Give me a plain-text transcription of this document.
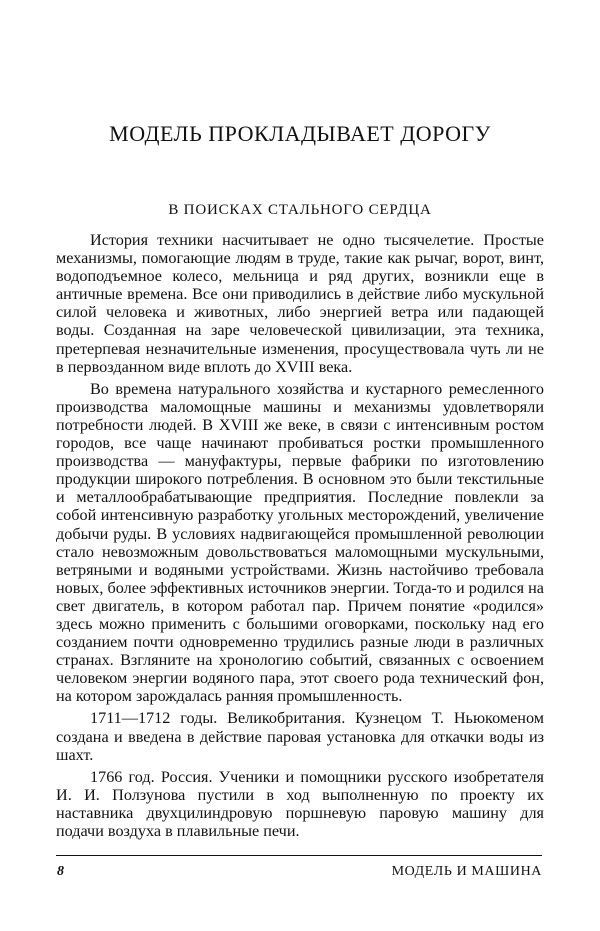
МОДЕЛЬ ПРОКЛАДЫВАЕТ ДОРОГУ
В ПОИСКАХ СТАЛЬНОГО СЕРДЦА

История техники насчитывает не одно тысячелетие. Простые механизмы, помогающие людям в труде, такие как рычаг, ворот, винт, водоподъемное колесо, мельница и ряд других, возникли еще в античные времена. Все они приводились в действие либо мускульной силой человека и животных, либо энергией ветра или падающей воды. Созданная на заре человеческой цивилизации, эта техника, претерпевая незначительные изменения, просуществовала чуть ли не в первозданном виде вплоть до XVIII века.

Во времена натурального хозяйства и кустарного ремесленного производства маломощные машины и механизмы удовлетворяли потребности людей. В XVIII же веке, в связи с интенсивным ростом городов, все чаще начинают пробиваться ростки промышленного производства — мануфактуры, первые фабрики по изготовлению продукции широкого потребления. В основном это были текстильные и металлообрабатывающие предприятия. Последние повлекли за собой интенсивную разработку угольных месторождений, увеличение добычи руды. В условиях надвигающейся промышленной революции стало невозможным довольствоваться маломощными мускульными, ветряными и водяными устройствами. Жизнь настойчиво требовала новых, более эффективных источников энергии. Тогда-то и родился на свет двигатель, в котором работал пар. Причем понятие «родился» здесь можно применить с большими оговорками, поскольку над его созданием почти одновременно трудились разные люди в различных странах. Взгляните на хронологию событий, связанных с освоением человеком энергии водяного пара, этот своего рода технический фон, на котором зарождалась ранняя промышленность.

1711—1712 годы. Великобритания. Кузнецом Т. Ньюкоменом создана и введена в действие паровая установка для откачки воды из шахт.

1766 год. Россия. Ученики и помощники русского изобретателя И. И. Ползунова пустили в ход выполненную по проекту их наставника двухцилиндровую поршневую паровую машину для подачи воздуха в плавильные печи.

8	МОДЕЛЬ И МАШИНА
